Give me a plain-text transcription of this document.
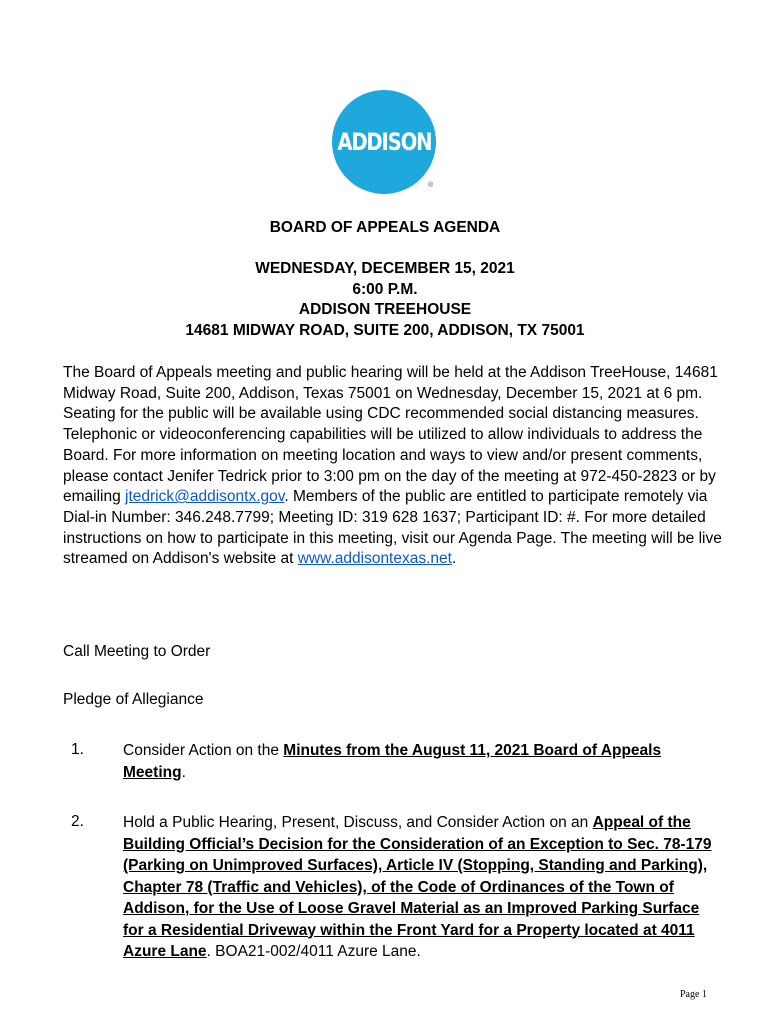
ADDISON
®
BOARD OF APPEALS AGENDA
WEDNESDAY, DECEMBER 15, 2021
6:00 P.M.
ADDISON TREEHOUSE
14681 MIDWAY ROAD, SUITE 200, ADDISON, TX 75001

The Board of Appeals meeting and public hearing will be held at the Addison TreeHouse, 14681 Midway Road, Suite 200, Addison, Texas 75001 on Wednesday, December 15, 2021 at 6 pm. Seating for the public will be available using CDC recommended social distancing measures. Telephonic or videoconferencing capabilities will be utilized to allow individuals to address the Board. For more information on meeting location and ways to view and/or present comments, please contact Jenifer Tedrick prior to 3:00 pm on the day of the meeting at 972-450-2823 or by emailing jtedrick@addisontx.gov. Members of the public are entitled to participate remotely via Dial-in Number: 346.248.7799; Meeting ID: 319 628 1637; Participant ID: #. For more detailed instructions on how to participate in this meeting, visit our Agenda Page. The meeting will be live streamed on Addison's website at www.addisontexas.net.

Call Meeting to Order
Pledge of Allegiance
1.	Consider Action on the Minutes from the August 11, 2021 Board of Appeals Meeting.

2.	Hold a Public Hearing, Present, Discuss, and Consider Action on an Appeal of the Building Official’s Decision for the Consideration of an Exception to Sec. 78-179 (Parking on Unimproved Surfaces), Article IV (Stopping, Standing and Parking), Chapter 78 (Traffic and Vehicles), of the Code of Ordinances of the Town of Addison, for the Use of Loose Gravel Material as an Improved Parking Surface for a Residential Driveway within the Front Yard for a Property located at 4011 Azure Lane. BOA21-002/4011 Azure Lane.

Page 1
